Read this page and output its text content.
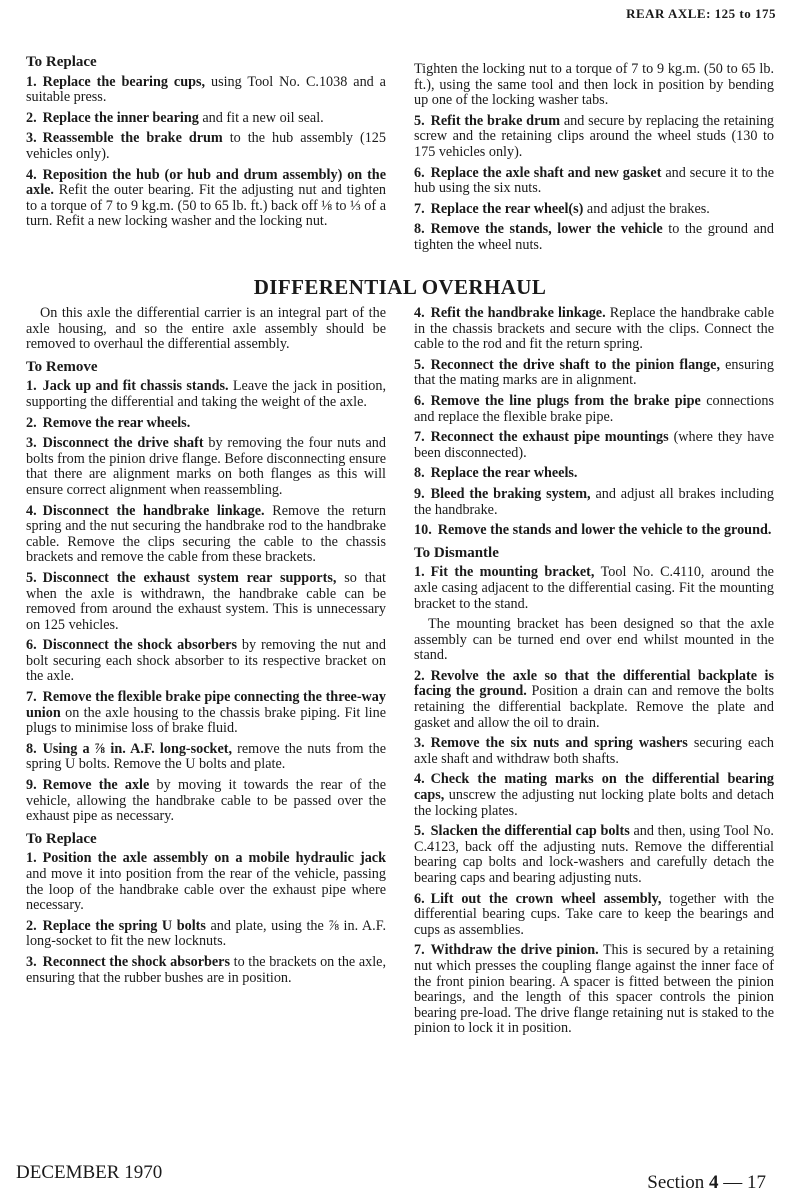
REAR AXLE: 125 to 175
To Replace

1. Replace the bearing cups, using Tool No. C.1038 and a suitable press.

2. Replace the inner bearing and fit a new oil seal.

3. Reassemble the brake drum to the hub assembly (125 vehicles only).

4. Reposition the hub (or hub and drum assembly) on the axle. Refit the outer bearing. Fit the adjusting nut and tighten to a torque of 7 to 9 kg.m. (50 to 65 lb. ft.) back off ⅛ to ⅓ of a turn. Refit a new locking washer and the locking nut.

Tighten the locking nut to a torque of 7 to 9 kg.m. (50 to 65 lb. ft.), using the same tool and then lock in position by bending up one of the locking washer tabs.

5. Refit the brake drum and secure by replacing the retaining screw and the retaining clips around the wheel studs (130 to 175 vehicles only).

6. Replace the axle shaft and new gasket and secure it to the hub using the six nuts.

7. Replace the rear wheel(s) and adjust the brakes.

8. Remove the stands, lower the vehicle to the ground and tighten the wheel nuts.

DIFFERENTIAL OVERHAUL

On this axle the differential carrier is an integral part of the axle housing, and so the entire axle assembly should be removed to overhaul the differential assembly.

To Remove

1. Jack up and fit chassis stands. Leave the jack in position, supporting the differential and taking the weight of the axle.

2. Remove the rear wheels.

3. Disconnect the drive shaft by removing the four nuts and bolts from the pinion drive flange. Before disconnecting ensure that there are alignment marks on both flanges as this will ensure correct alignment when reassembling.

4. Disconnect the handbrake linkage. Remove the return spring and the nut securing the handbrake rod to the handbrake cable. Remove the clips securing the cable to the chassis brackets and remove the cable from these brackets.

5. Disconnect the exhaust system rear supports, so that when the axle is withdrawn, the handbrake cable can be removed from around the exhaust system. This is unnecessary on 125 vehicles.

6. Disconnect the shock absorbers by removing the nut and bolt securing each shock absorber to its respective bracket on the axle.

7. Remove the flexible brake pipe connecting the three-way union on the axle housing to the chassis brake piping. Fit line plugs to minimise loss of brake fluid.

8. Using a ⅞ in. A.F. long-socket, remove the nuts from the spring U bolts. Remove the U bolts and plate.

9. Remove the axle by moving it towards the rear of the vehicle, allowing the handbrake cable to be passed over the exhaust pipe as necessary.

To Replace

1. Position the axle assembly on a mobile hydraulic jack and move it into position from the rear of the vehicle, passing the loop of the handbrake cable over the exhaust pipe where necessary.

2. Replace the spring U bolts and plate, using the ⅞ in. A.F. long-socket to fit the new locknuts.

3. Reconnect the shock absorbers to the brackets on the axle, ensuring that the rubber bushes are in position.

4. Refit the handbrake linkage. Replace the handbrake cable in the chassis brackets and secure with the clips. Connect the cable to the rod and fit the return spring.

5. Reconnect the drive shaft to the pinion flange, ensuring that the mating marks are in alignment.

6. Remove the line plugs from the brake pipe connections and replace the flexible brake pipe.

7. Reconnect the exhaust pipe mountings (where they have been disconnected).

8. Replace the rear wheels.

9. Bleed the braking system, and adjust all brakes including the handbrake.

10. Remove the stands and lower the vehicle to the ground.

To Dismantle

1. Fit the mounting bracket, Tool No. C.4110, around the axle casing adjacent to the differential casing. Fit the mounting bracket to the stand.

The mounting bracket has been designed so that the axle assembly can be turned end over end whilst mounted in the stand.

2. Revolve the axle so that the differential backplate is facing the ground. Position a drain can and remove the bolts retaining the differential backplate. Remove the plate and gasket and allow the oil to drain.

3. Remove the six nuts and spring washers securing each axle shaft and withdraw both shafts.

4. Check the mating marks on the differential bearing caps, unscrew the adjusting nut locking plate bolts and detach the locking plates.

5. Slacken the differential cap bolts and then, using Tool No. C.4123, back off the adjusting nuts. Remove the differential bearing cap bolts and lock-washers and carefully detach the bearing caps and bearing adjusting nuts.

6. Lift out the crown wheel assembly, together with the differential bearing cups. Take care to keep the bearings and cups as assemblies.

7. Withdraw the drive pinion. This is secured by a retaining nut which presses the coupling flange against the inner face of the front pinion bearing. A spacer is fitted between the pinion bearings, and the length of this spacer controls the pinion bearing pre-load. The drive flange retaining nut is staked to the pinion to lock it in position.

DECEMBER 1970	Section 4 — 17
